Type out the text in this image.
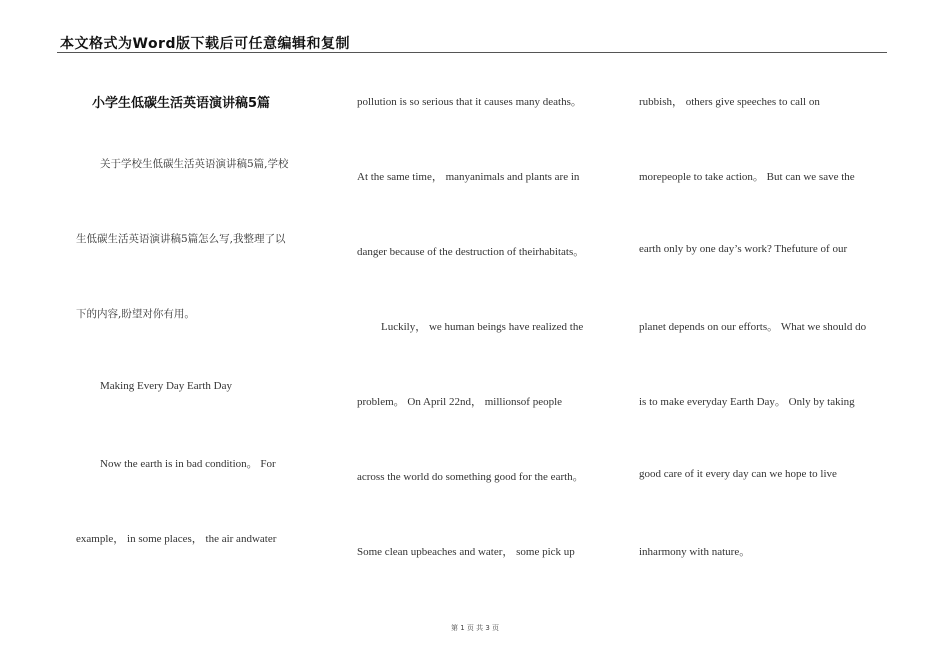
本文格式为Word版下载后可任意编辑和复制
小学生低碳生活英语演讲稿5篇
关于学校生低碳生活英语演讲稿5篇,学校
生低碳生活英语演讲稿5篇怎么写,我整理了以
下的内容,盼望对你有用。
Making Every Day Earth Day
Now the earth is in bad condition。 For
example， in some places， the air andwater
pollution is so serious that it causes many deaths。
At the same time， manyanimals and plants are in
danger because of the destruction of theirhabitats。
Luckily， we human beings have realized the
problem。 On April 22nd， millionsof people
across the world do something good for the earth。
Some clean upbeaches and water， some pick up
rubbish， others give speeches to call on
morepeople to take action。 But can we save the
earth only by one day’s work? Thefuture of our
planet depends on our efforts。 What we should do
is to make everyday Earth Day。 Only by taking
good care of it every day can we hope to live
inharmony with nature。
第 1 页 共 3 页
